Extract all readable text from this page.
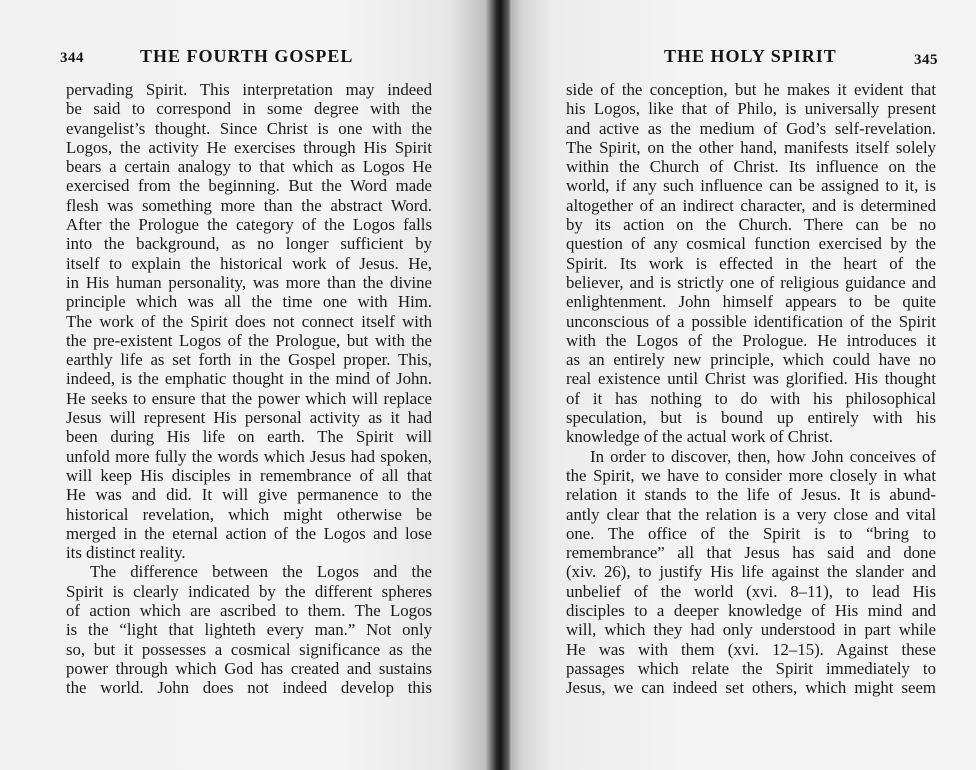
344	THE FOURTH GOSPEL
pervading Spirit. This interpretation may indeed
be said to correspond in some degree with the
evangelist’s thought. Since Christ is one with the
Logos, the activity He exercises through His Spirit
bears a certain analogy to that which as Logos He
exercised from the beginning. But the Word made
flesh was something more than the abstract Word.
After the Prologue the category of the Logos falls
into the background, as no longer sufficient by
itself to explain the historical work of Jesus. He,
in His human personality, was more than the divine
principle which was all the time one with Him.
The work of the Spirit does not connect itself with
the pre-existent Logos of the Prologue, but with the
earthly life as set forth in the Gospel proper. This,
indeed, is the emphatic thought in the mind of John.
He seeks to ensure that the power which will replace
Jesus will represent His personal activity as it had
been during His life on earth. The Spirit will
unfold more fully the words which Jesus had spoken,
will keep His disciples in remembrance of all that
He was and did. It will give permanence to the
historical revelation, which might otherwise be
merged in the eternal action of the Logos and lose
its distinct reality.
The difference between the Logos and the
Spirit is clearly indicated by the different spheres
of action which are ascribed to them. The Logos
is the “light that lighteth every man.” Not only
so, but it possesses a cosmical significance as the
power through which God has created and sustains
the world. John does not indeed develop this
THE HOLY SPIRIT	345
side of the conception, but he makes it evident that
his Logos, like that of Philo, is universally present
and active as the medium of God’s self-revelation.
The Spirit, on the other hand, manifests itself solely
within the Church of Christ. Its influence on the
world, if any such influence can be assigned to it, is
altogether of an indirect character, and is determined
by its action on the Church. There can be no
question of any cosmical function exercised by the
Spirit. Its work is effected in the heart of the
believer, and is strictly one of religious guidance and
enlightenment. John himself appears to be quite
unconscious of a possible identification of the Spirit
with the Logos of the Prologue. He introduces it
as an entirely new principle, which could have no
real existence until Christ was glorified. His thought
of it has nothing to do with his philosophical
speculation, but is bound up entirely with his
knowledge of the actual work of Christ.
In order to discover, then, how John conceives of
the Spirit, we have to consider more closely in what
relation it stands to the life of Jesus. It is abund-
antly clear that the relation is a very close and vital
one. The office of the Spirit is to “bring to
remembrance” all that Jesus has said and done
(xiv. 26), to justify His life against the slander and
unbelief of the world (xvi. 8–11), to lead His
disciples to a deeper knowledge of His mind and
will, which they had only understood in part while
He was with them (xvi. 12–15). Against these
passages which relate the Spirit immediately to
Jesus, we can indeed set others, which might seem
